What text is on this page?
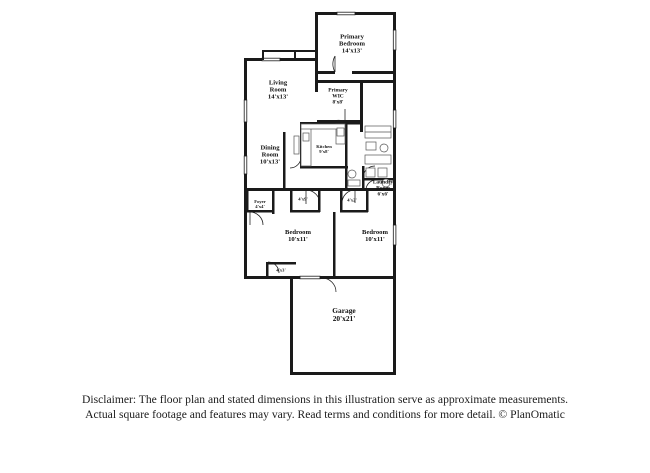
Primary
Bedroom
14'x13'
Living
Room
14'x13'
Primary
WIC
8'x8'
Kitchen
9'x8'
Dining
Room
10'x13'
Laundry
Room
6'x6'
4'x9'	4'x2'
Foyer
4'x4'
Bedroom
10'x11'
Bedroom
10'x11'
4'x3'
Garage
20'x21'
Disclaimer: The floor plan and stated dimensions in this illustration serve as approximate measurements.
Actual square footage and features may vary. Read terms and conditions for more detail. © PlanOmatic
